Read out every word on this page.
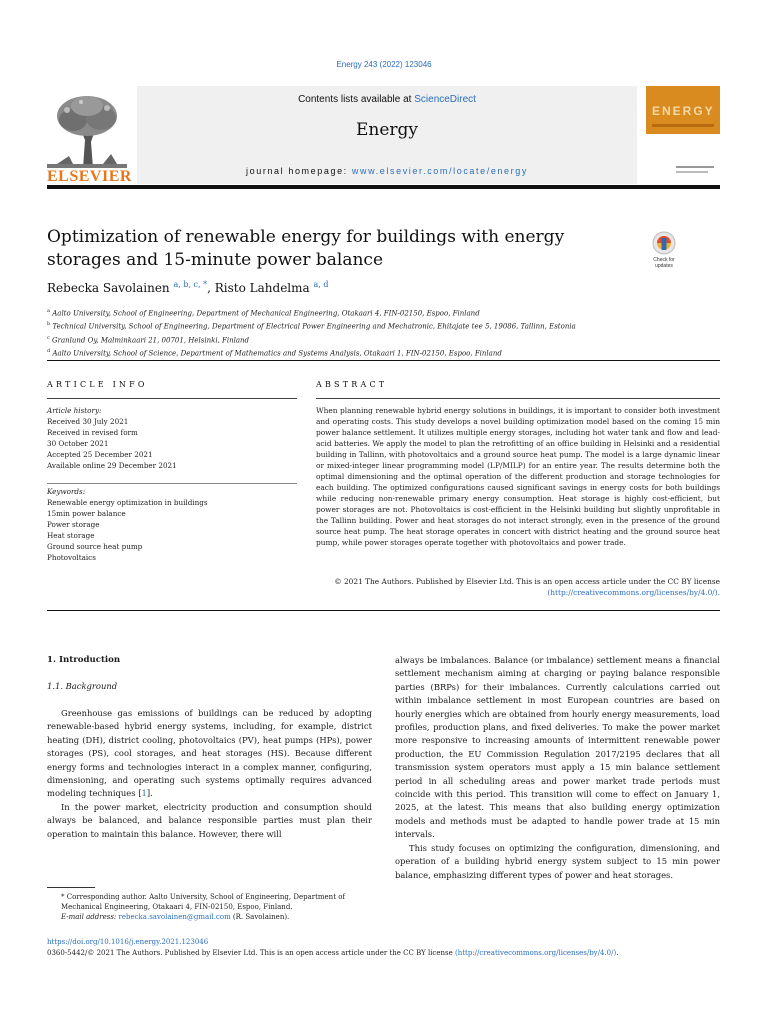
Energy 243 (2022) 123046
ELSEVIER
Contents lists available at ScienceDirect
Energy
journal homepage: www.elsevier.com/locate/energy
ENERGY
Optimization of renewable energy for buildings with energy storages and 15-minute power balance	Check for
updates
Rebecka Savolainen $^{a, b, c, *}$, Risto Lahdelma $^{a, d}$
$^a$ Aalto University, School of Engineering, Department of Mechanical Engineering, Otakaari 4, FIN-02150, Espoo, Finland
$^b$ Technical University, School of Engineering, Department of Electrical Power Engineering and Mechatronic, Ehitajate tee 5, 19086, Tallinn, Estonia
$^c$ Granlund Oy, Malminkaari 21, 00701, Helsinki, Finland
$^d$ Aalto University, School of Science, Department of Mathematics and Systems Analysis, Otakaari 1, FIN-02150, Espoo, Finland
ARTICLE INFO	ABSTRACT
Article history:
Received 30 July 2021
Received in revised form
30 October 2021
Accepted 25 December 2021
Available online 29 December 2021
Keywords:
Renewable energy optimization in buildings
15min power balance
Power storage
Heat storage
Ground source heat pump
Photovoltaics
When planning renewable hybrid energy solutions in buildings, it is important to consider both investment and operating costs. This study develops a novel building optimization model based on the coming 15 min power balance settlement. It utilizes multiple energy storages, including hot water tank and flow and lead-acid batteries. We apply the model to plan the retrofitting of an office building in Helsinki and a residential building in Tallinn, with photovoltaics and a ground source heat pump. The model is a large dynamic linear or mixed-integer linear programming model (LP/MILP) for an entire year. The results determine both the optimal dimensioning and the optimal operation of the different production and storage technologies for each building. The optimized configurations caused significant savings in energy costs for both buildings while reducing non-renewable primary energy consumption. Heat storage is highly cost-efficient, but power storages are not. Photovoltaics is cost-efficient in the Helsinki building but slightly unprofitable in the Tallinn building. Power and heat storages do not interact strongly, even in the presence of the ground source heat pump. The heat storage operates in concert with district heating and the ground source heat pump, while power storages operate together with photovoltaics and power trade.
© 2021 The Authors. Published by Elsevier Ltd. This is an open access article under the CC BY license
(http://creativecommons.org/licenses/by/4.0/).
1. Introduction
1.1. Background

Greenhouse gas emissions of buildings can be reduced by adopting renewable-based hybrid energy systems, including, for example, district heating (DH), district cooling, photovoltaics (PV), heat pumps (HPs), power storages (PS), cool storages, and heat storages (HS). Because different energy forms and technologies interact in a complex manner, configuring, dimensioning, and operating such systems optimally requires advanced modeling techniques [1].

In the power market, electricity production and consumption should always be balanced, and balance responsible parties must plan their operation to maintain this balance. However, there will

always be imbalances. Balance (or imbalance) settlement means a financial settlement mechanism aiming at charging or paying balance responsible parties (BRPs) for their imbalances. Currently calculations carried out within imbalance settlement in most European countries are based on hourly energies which are obtained from hourly energy measurements, load profiles, production plans, and fixed deliveries. To make the power market more responsive to increasing amounts of intermittent renewable power production, the EU Commission Regulation 2017/2195 declares that all transmission system operators must apply a 15 min balance settlement period in all scheduling areas and power market trade periods must coincide with this period. This transition will come to effect on January 1, 2025, at the latest. This means that also building energy optimization models and methods must be adapted to handle power trade at 15 min intervals.

This study focuses on optimizing the configuration, dimensioning, and operation of a building hybrid energy system subject to 15 min power balance, emphasizing different types of power and heat storages.

* Corresponding author. Aalto University, School of Engineering, Department of Mechanical Engineering, Otakaari 4, FIN-02150, Espoo, Finland.

E-mail address: rebecka.savolainen@gmail.com (R. Savolainen).

https://doi.org/10.1016/j.energy.2021.123046
0360-5442/© 2021 The Authors. Published by Elsevier Ltd. This is an open access article under the CC BY license (http://creativecommons.org/licenses/by/4.0/).
